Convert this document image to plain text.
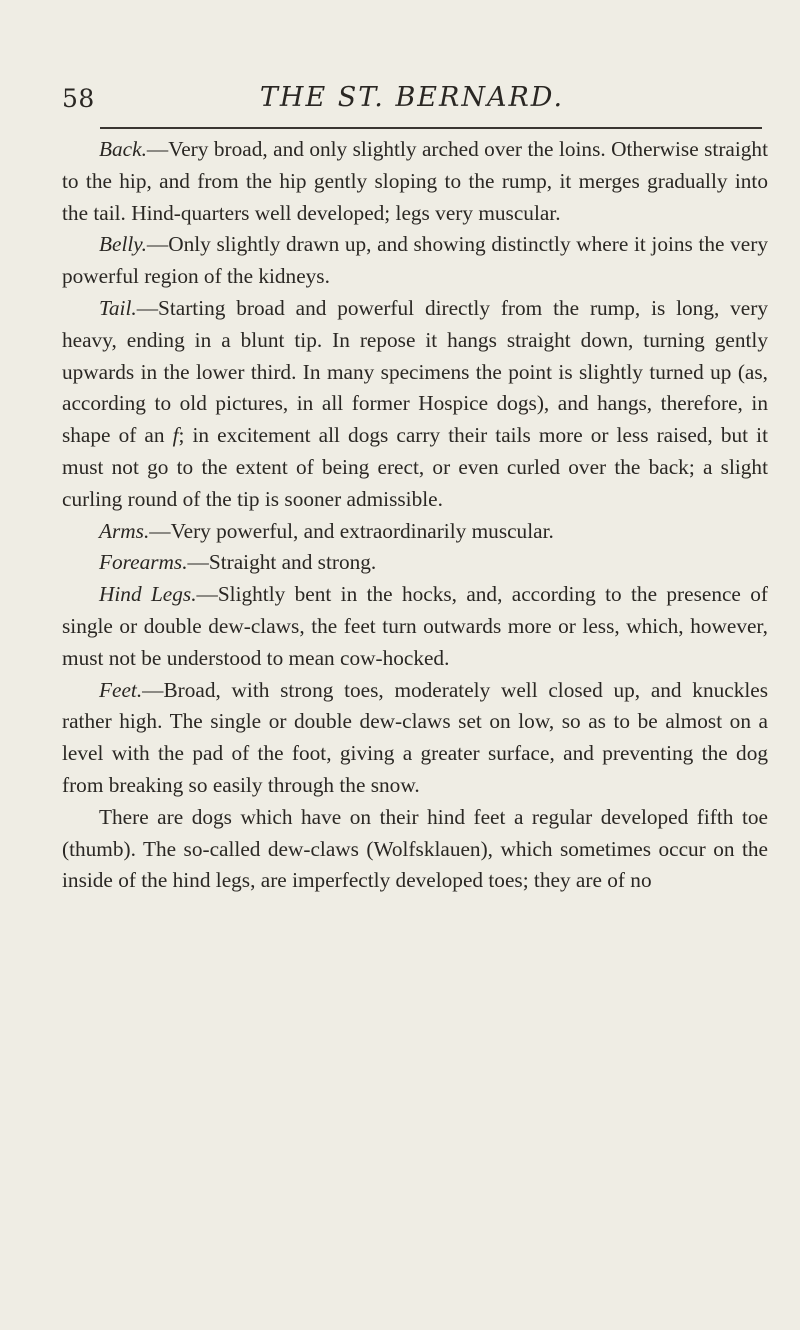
58	THE ST. BERNARD.

Back.—Very broad, and only slightly arched over the loins. Otherwise straight to the hip, and from the hip gently sloping to the rump, it merges gradually into the tail. Hind-quarters well developed; legs very muscular.

Belly.—Only slightly drawn up, and showing distinctly where it joins the very powerful region of the kidneys.

Tail.—Starting broad and powerful directly from the rump, is long, very heavy, ending in a blunt tip. In repose it hangs straight down, turning gently upwards in the lower third. In many specimens the point is slightly turned up (as, according to old pictures, in all former Hospice dogs), and hangs, therefore, in shape of an f; in excitement all dogs carry their tails more or less raised, but it must not go to the extent of being erect, or even curled over the back; a slight curling round of the tip is sooner admissible.

Arms.—Very powerful, and extraordinarily muscular.

Forearms.—Straight and strong.

Hind Legs.—Slightly bent in the hocks, and, according to the presence of single or double dew-claws, the feet turn outwards more or less, which, however, must not be understood to mean cow-hocked.

Feet.—Broad, with strong toes, moderately well closed up, and knuckles rather high. The single or double dew-claws set on low, so as to be almost on a level with the pad of the foot, giving a greater surface, and preventing the dog from breaking so easily through the snow.

There are dogs which have on their hind feet a regular developed fifth toe (thumb). The so-called dew-claws (Wolfsklauen), which sometimes occur on the inside of the hind legs, are imperfectly developed toes; they are of no
